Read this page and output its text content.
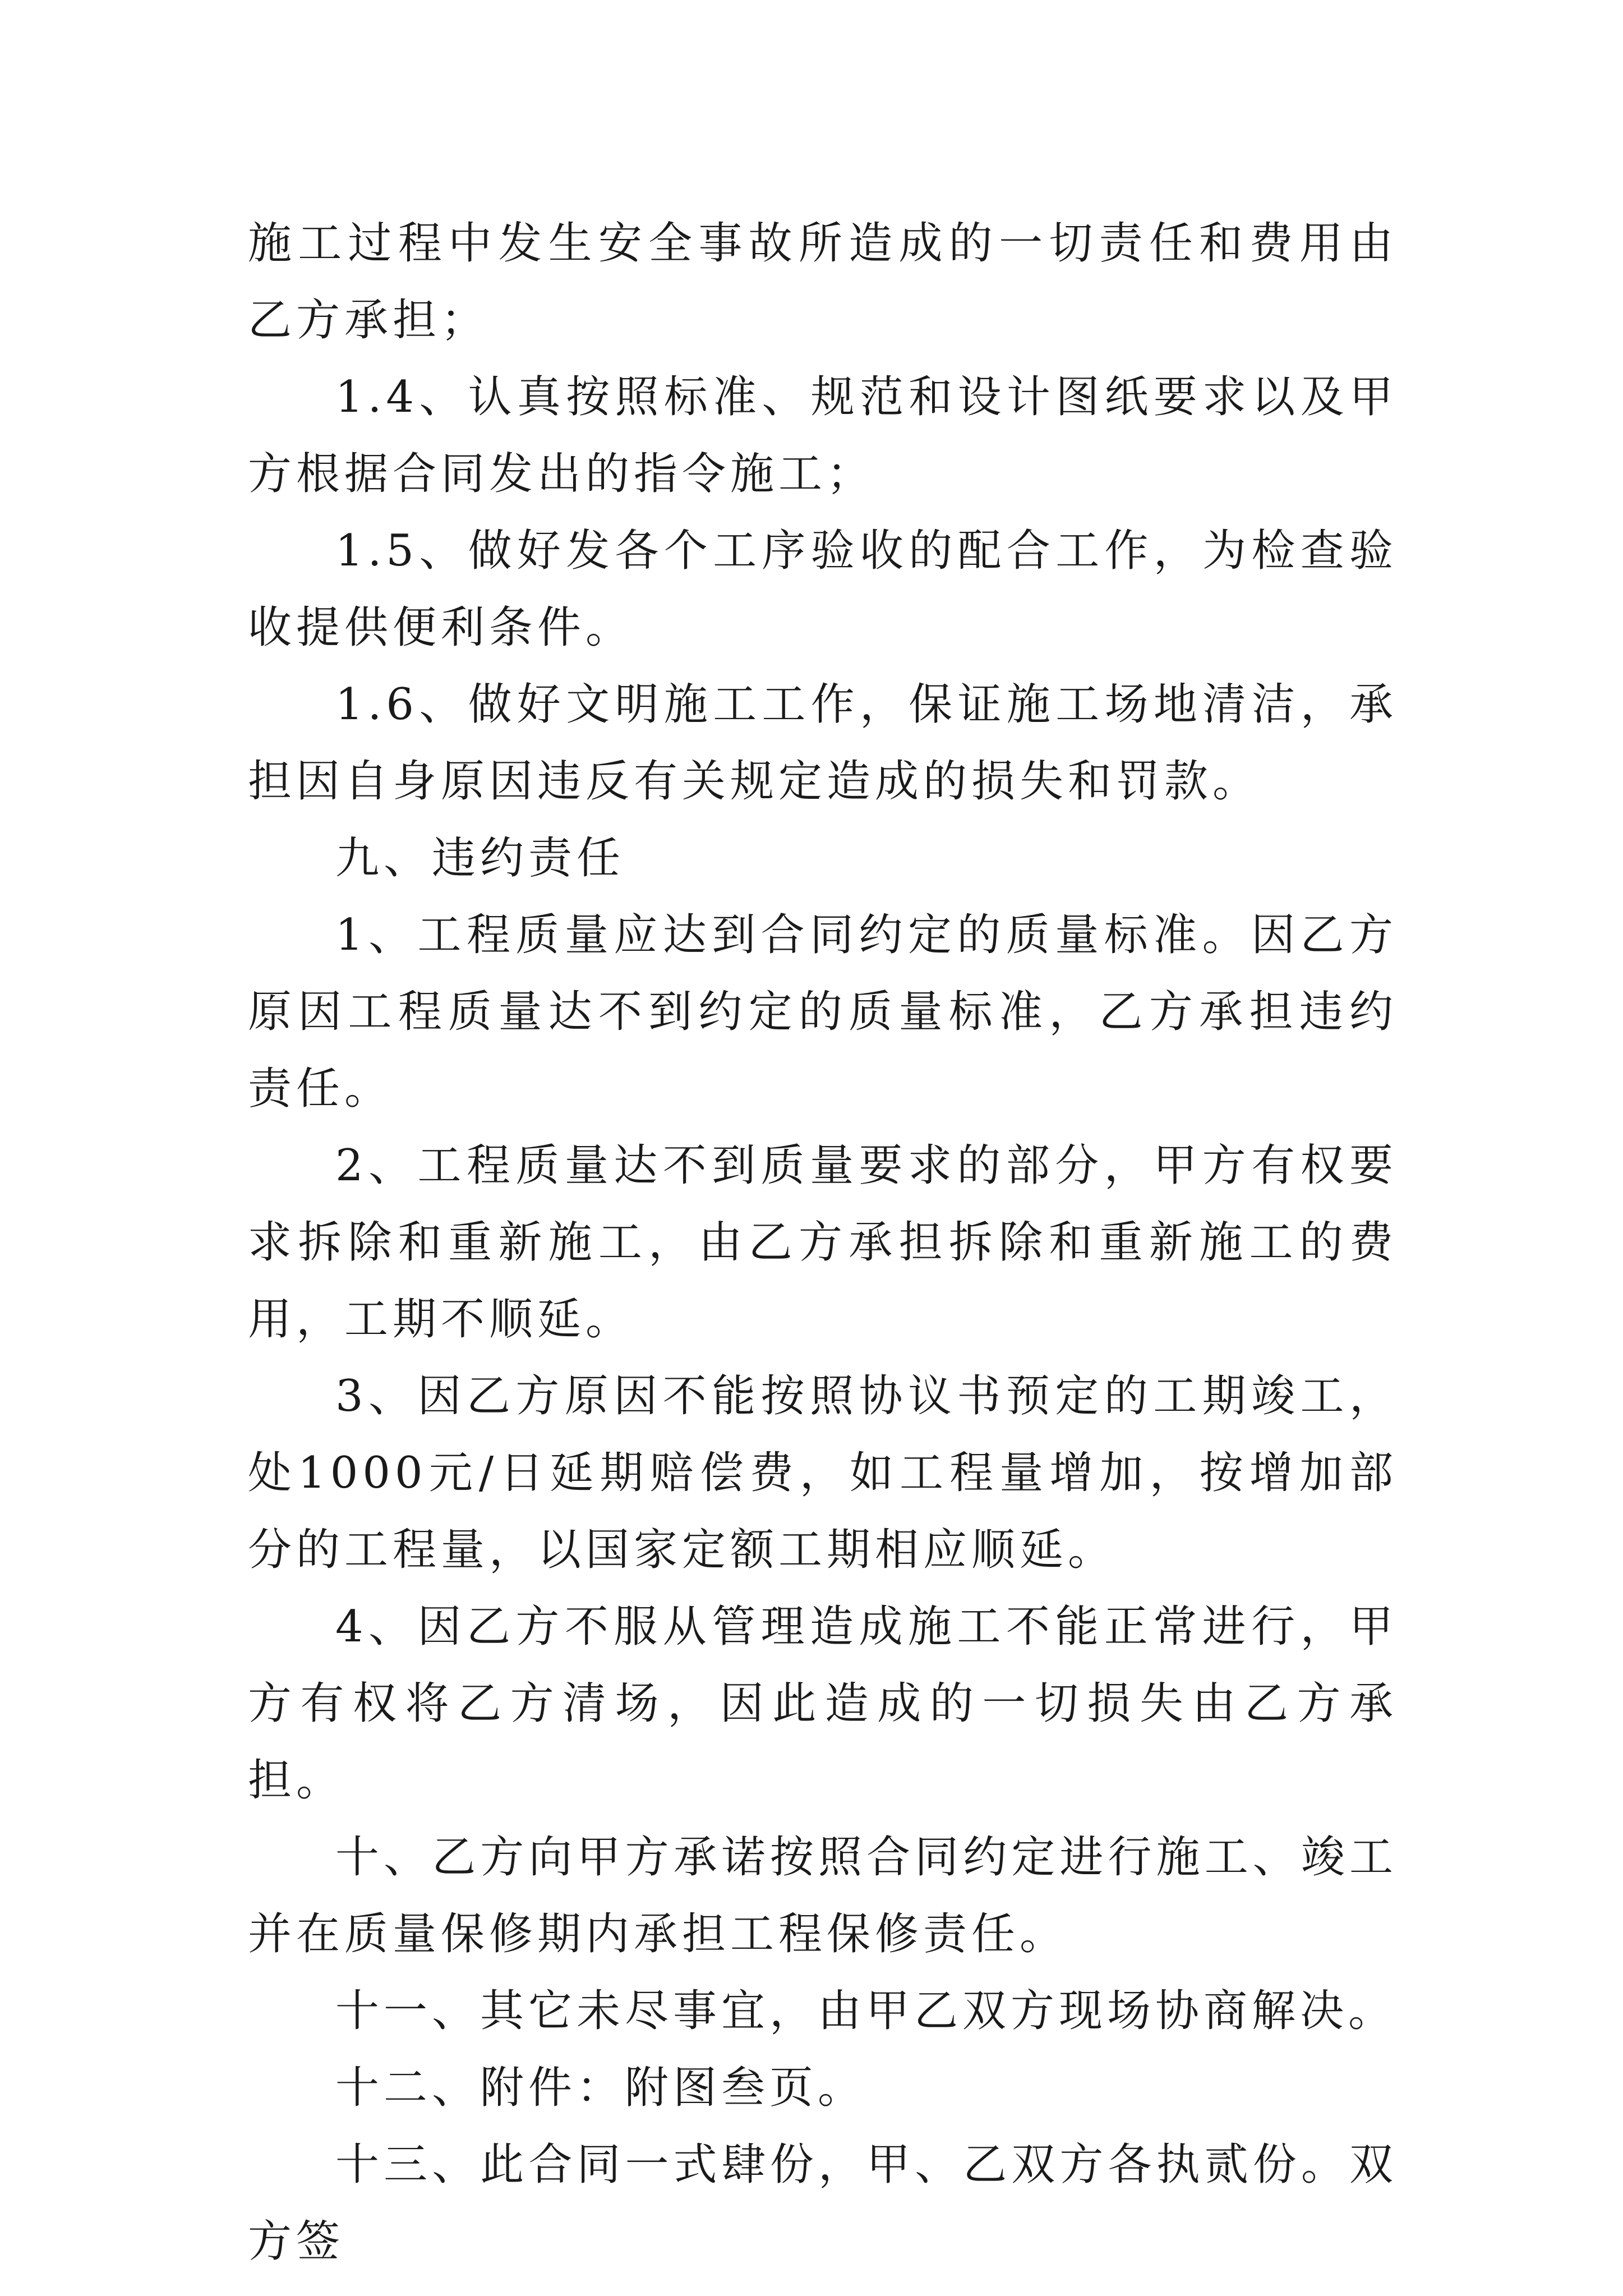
施工过程中发生安全事故所造成的一切责任和费用由乙方承担；

1.4、认真按照标准、规范和设计图纸要求以及甲方根据合同发出的指令施工；

1.5、做好发各个工序验收的配合工作，为检查验收提供便利条件。

1.6、做好文明施工工作，保证施工场地清洁，承担因自身原因违反有关规定造成的损失和罚款。

九、违约责任

1、工程质量应达到合同约定的质量标准。因乙方原因工程质量达不到约定的质量标准，乙方承担违约责任。

2、工程质量达不到质量要求的部分，甲方有权要求拆除和重新施工，由乙方承担拆除和重新施工的费用，工期不顺延。

3、因乙方原因不能按照协议书预定的工期竣工，处1000元/日延期赔偿费，如工程量增加，按增加部分的工程量，以国家定额工期相应顺延。

4、因乙方不服从管理造成施工不能正常进行，甲方有权将乙方清场，因此造成的一切损失由乙方承担。

十、乙方向甲方承诺按照合同约定进行施工、竣工并在质量保修期内承担工程保修责任。

十一、其它未尽事宜，由甲乙双方现场协商解决。

十二、附件：附图叁页。

十三、此合同一式肆份，甲、乙双方各执贰份。双方签
